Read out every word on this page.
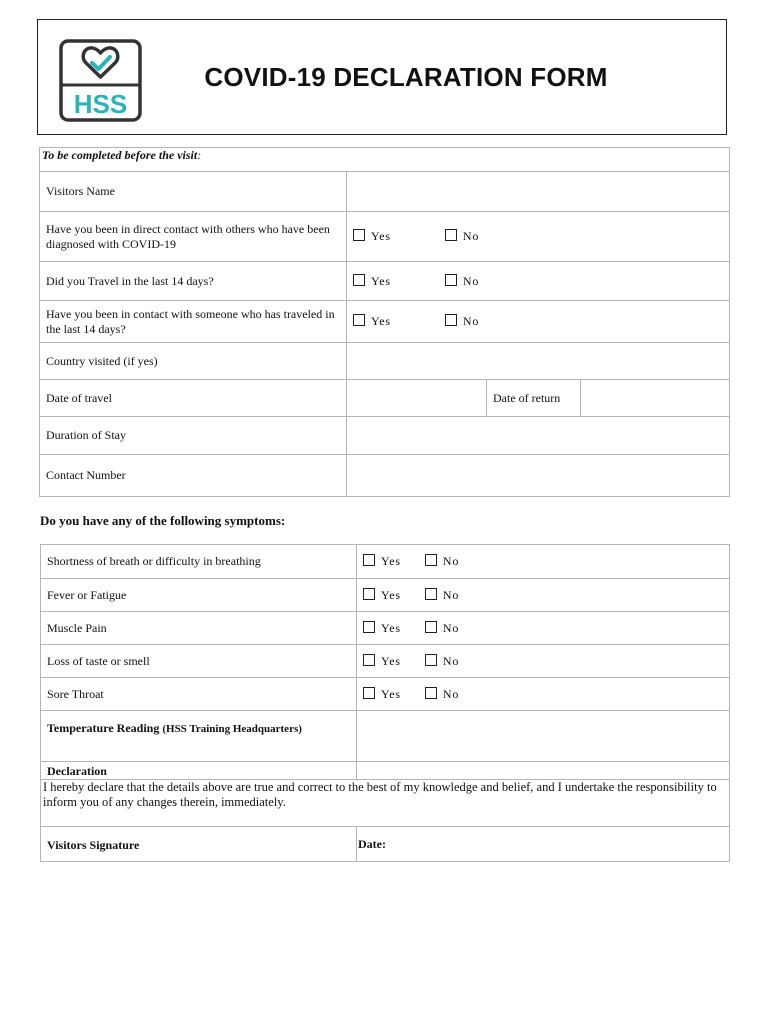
HSS
COVID-19 DECLARATION FORM
To be completed before the visit:			
Visitors Name			
Have you been in direct contact with others who have been diagnosed with COVID-19	Yes No		
Did you Travel in the last 14 days?	Yes No		
Have you been in contact with someone who has traveled in the last 14 days?	Yes No		
Country visited (if yes)			
Date of travel		Date of return	
Duration of Stay			
Contact Number			
Do you have any of the following symptoms:
Shortness of breath or difficulty in breathing	Yes No
Fever or Fatigue	Yes No
Muscle Pain	Yes No
Loss of taste or smell	Yes No
Sore Throat	Yes No
Temperature Reading (HSS Training Headquarters)	
Declaration	
I hereby declare that the details above are true and correct to the best of my knowledge and belief, and I undertake the responsibility to inform you of any changes therein, immediately.	
Visitors Signature	Date:
